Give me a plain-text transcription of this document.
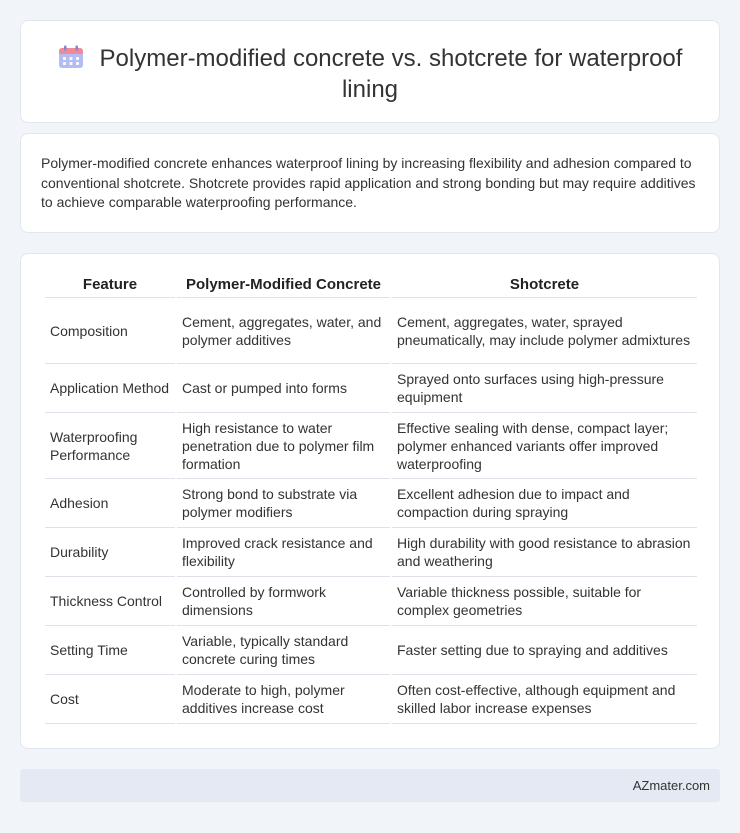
Polymer-modified concrete vs. shotcrete for waterproof lining

Polymer-modified concrete enhances waterproof lining by increasing flexibility and adhesion compared to conventional shotcrete. Shotcrete provides rapid application and strong bonding but may require additives to achieve comparable waterproofing performance.

Feature	Polymer-Modified Concrete	Shotcrete
Composition	Cement, aggregates, water, and polymer additives	Cement, aggregates, water, sprayed pneumatically, may include polymer admixtures
Application Method	Cast or pumped into forms	Sprayed onto surfaces using high-pressure equipment
Waterproofing Performance	High resistance to water penetration due to polymer film formation	Effective sealing with dense, compact layer; polymer enhanced variants offer improved waterproofing
Adhesion	Strong bond to substrate via polymer modifiers	Excellent adhesion due to impact and compaction during spraying
Durability	Improved crack resistance and flexibility	High durability with good resistance to abrasion and weathering
Thickness Control	Controlled by formwork dimensions	Variable thickness possible, suitable for complex geometries
Setting Time	Variable, typically standard concrete curing times	Faster setting due to spraying and additives
Cost	Moderate to high, polymer additives increase cost	Often cost-effective, although equipment and skilled labor increase expenses
AZmater.com
